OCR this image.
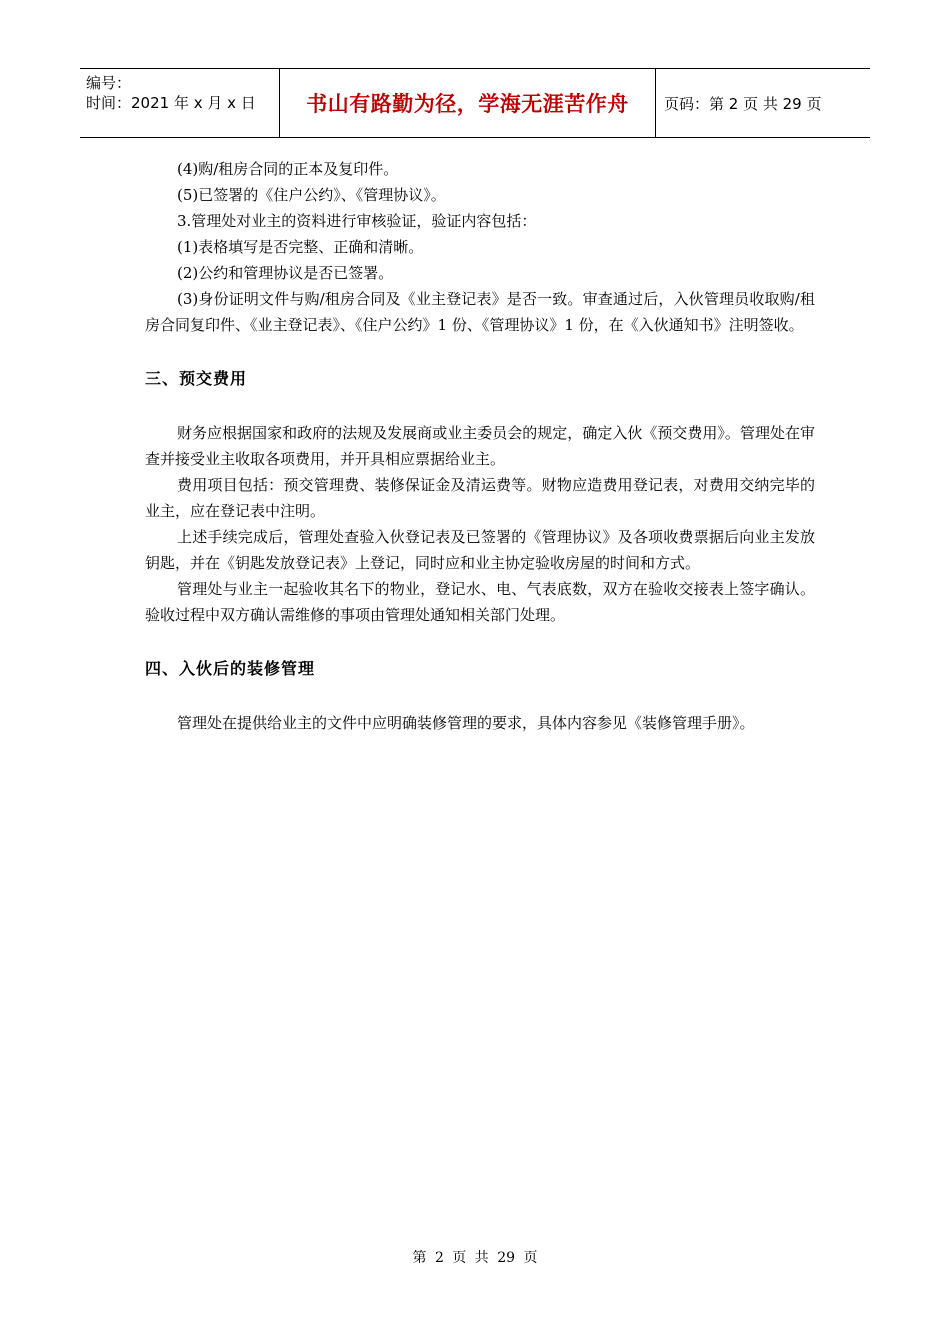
编号：
时间：2021 年 x 月 x 日	书山有路勤为径，学海无涯苦作舟	页码：第 2 页 共 29 页

(4)购/租房合同的正本及复印件。

(5)已签署的《住户公约》、《管理协议》。

3.管理处对业主的资料进行审核验证，验证内容包括：

(1)表格填写是否完整、正确和清晰。

(2)公约和管理协议是否已签署。

(3)身份证明文件与购/租房合同及《业主登记表》是否一致。审查通过后，入伙管理员收取购/租房合同复印件、《业主登记表》、《住户公约》1 份、《管理协议》1 份，在《入伙通知书》注明签收。

三、预交费用

财务应根据国家和政府的法规及发展商或业主委员会的规定，确定入伙《预交费用》。管理处在审查并接受业主收取各项费用，并开具相应票据给业主。

费用项目包括：预交管理费、装修保证金及清运费等。财物应造费用登记表，对费用交纳完毕的业主，应在登记表中注明。

上述手续完成后，管理处查验入伙登记表及已签署的《管理协议》及各项收费票据后向业主发放钥匙，并在《钥匙发放登记表》上登记，同时应和业主协定验收房屋的时间和方式。

管理处与业主一起验收其名下的物业，登记水、电、气表底数，双方在验收交接表上签字确认。验收过程中双方确认需维修的事项由管理处通知相关部门处理。

四、入伙后的装修管理

管理处在提供给业主的文件中应明确装修管理的要求，具体内容参见《装修管理手册》。

第 2 页 共 29 页
